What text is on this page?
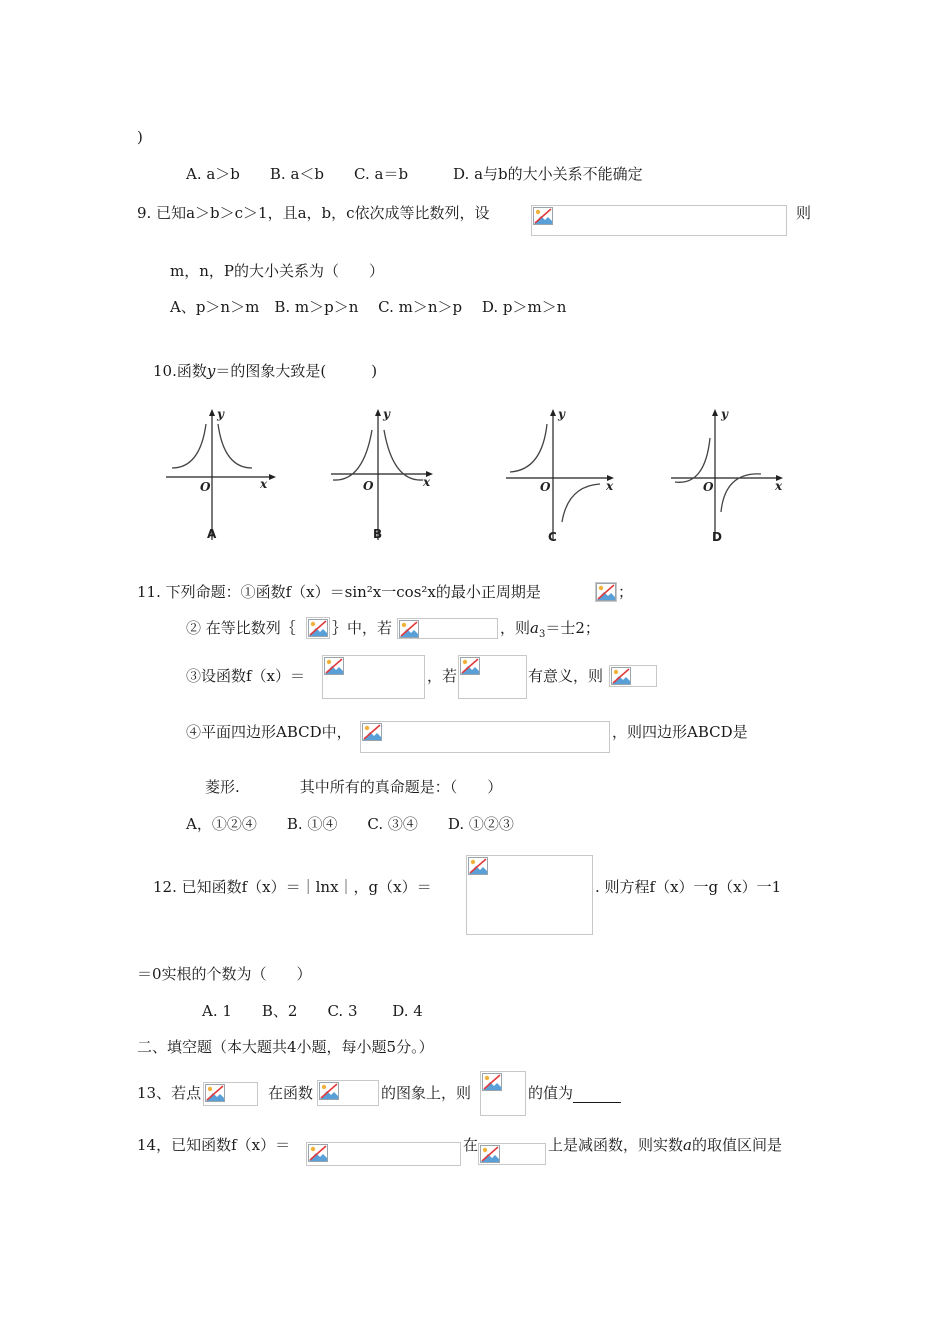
)
A. a＞b　　B. a＜b　　C. a＝b　　　D. a与b的大小关系不能确定
9. 已知a＞b＞c＞1，且a，b，c依次成等比数列，设	则
m，n，P的大小关系为（　　）
A、p＞n＞m　B. m＞p＞n　 C. m＞n＞p　 D. p＞m＞n
10.函数y＝的图象大致是(　　　)
y
x
O
A
y
x
O
B
y
x
O
C
y
x
O
D
11. 下列命题：①函数f（x）＝sin²x一cos²x的最小正周期是	；
② 在等比数列｛ ｝中，若	，则$a_3=$士2；
③设函数f（x）＝	，若	有意义，则
④平面四边形ABCD中，	，则四边形ABCD是
菱形.　　　　其中所有的真命题是：（　　）
A，①②④　　B. ①④　　C. ③④　　D. ①②③
12. 已知函数f（x）＝｜lnx｜，g（x）＝	. 则方程f（x）一g（x）一1
＝0实根的个数为（　　）
A. 1　　B、2　　C. 3　　 D. 4
二、填空题（本大题共4小题，每小题5分。）
13、若点	在函数	的图象上，则	的值为
14，已知函数f（x）＝	在	上是减函数，则实数a的取值区间是
